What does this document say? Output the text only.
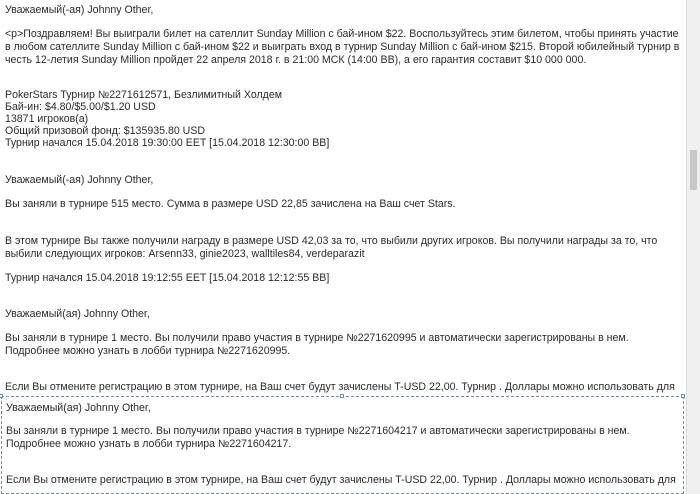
Уважаемый(-ая) Johnny Other,
<p>Поздравляем! Вы выиграли билет на сателлит Sunday Million с бай-ином $22. Воспользуйтесь этим билетом, чтобы принять участие
в любом сателлите Sunday Million с бай-ином $22 и выиграть вход в турнир Sunday Million с бай-ином $215. Второй юбилейный турнир в
честь 12-летия Sunday Million пройдет 22 апреля 2018 г. в 21:00 МСК (14:00 ВВ), а его гарантия составит $10 000 000.
PokerStars Турнир №2271612571, Безлимитный Холдем
Бай-ин: $4.80/$5.00/$1.20 USD
13871 игроков(а)
Общий призовой фонд: $135935.80 USD
Турнир начался 15.04.2018 19:30:00 EET [15.04.2018 12:30:00 ВВ]
Уважаемый(-ая) Johnny Other,
Вы заняли в турнире 515 место. Сумма в размере USD 22,85 зачислена на Ваш счет Stars.
В этом турнире Вы также получили награду в размере USD 42,03 за то, что выбили других игроков. Вы получили награды за то, что
выбили следующих игроков: Arsenn33, ginie2023, walltiles84, verdeparazit
Турнир начался 15.04.2018 19:12:55 EET [15.04.2018 12:12:55 ВВ]
Уважаемый(ая) Johnny Other,
Вы заняли в турнире 1 место. Вы получили право участия в турнире №2271620995 и автоматически зарегистрированы в нем.
Подробнее можно узнать в лобби турнира №2271620995.
Если Вы отмените регистрацию в этом турнире, на Ваш счет будут зачислены T-USD 22,00. Турнир . Доллары можно использовать для
Уважаемый(ая) Johnny Other,
Вы заняли в турнире 1 место. Вы получили право участия в турнире №2271604217 и автоматически зарегистрированы в нем.
Подробнее можно узнать в лобби турнира №2271604217.
Если Вы отмените регистрацию в этом турнире, на Ваш счет будут зачислены T-USD 22,00. Турнир . Доллары можно использовать для
